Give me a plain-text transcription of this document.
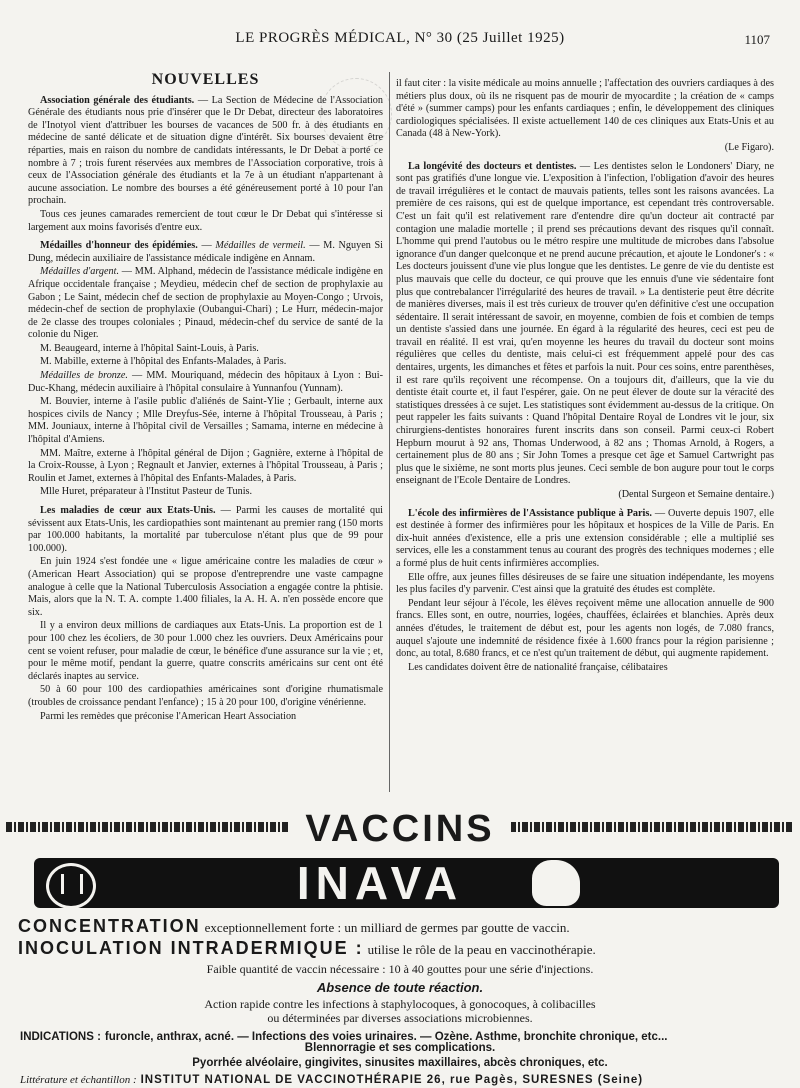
LE PROGRÈS MÉDICAL, N° 30 (25 Juillet 1925)	1107

NOUVELLES

Association générale des étudiants. — La Section de Médecine de l'Association Générale des étudiants nous prie d'insérer que le Dr Debat, directeur des laboratoires de l'Inotyol vient d'attribuer les bourses de vacances de 500 fr. à des étudiants en médecine de santé délicate et de situation digne d'intérêt. Six bourses devaient être réparties, mais en raison du nombre de candidats intéressants, le Dr Debat a porté ce nombre à 7 ; trois furent réservées aux membres de l'Association corporative, trois à ceux de l'Association générale des étudiants et la 7e à un étudiant n'appartenant à aucune association. Le nombre des bourses a été généreusement porté à 10 pour l'an prochain.

Tous ces jeunes camarades remercient de tout cœur le Dr Debat qui s'intéresse si largement aux moins favorisés d'entre eux.

Médailles d'honneur des épidémies. — Médailles de vermeil. — M. Nguyen Si Dung, médecin auxiliaire de l'assistance médicale indigène en Annam.

Médailles d'argent. — MM. Alphand, médecin de l'assistance médicale indigène en Afrique occidentale française ; Meydieu, médecin chef de section de prophylaxie au Gabon ; Le Saint, médecin chef de section de prophylaxie au Moyen-Congo ; Urvois, médecin-chef de section de prophylaxie (Oubangui-Chari) ; Le Hurr, médecin-major de 2e classe des troupes coloniales ; Pinaud, médecin-chef du service de santé de la colonie du Niger.

M. Beaugeard, interne à l'hôpital Saint-Louis, à Paris.

M. Mabille, externe à l'hôpital des Enfants-Malades, à Paris.

Médailles de bronze. — MM. Mouriquand, médecin des hôpitaux à Lyon : Bui-Duc-Khang, médecin auxiliaire à l'hôpital consulaire à Yunnanfou (Yunnam).

M. Bouvier, interne à l'asile public d'aliénés de Saint-Ylie ; Gerbault, interne aux hospices civils de Nancy ; Mlle Dreyfus-Sée, interne à l'hôpital Trousseau, à Paris ; MM. Jouniaux, interne à l'hôpital civil de Versailles ; Samama, interne en médecine à l'hôpital d'Amiens.

MM. Maître, externe à l'hôpital général de Dijon ; Gagnière, externe à l'hôpital de la Croix-Rousse, à Lyon ; Regnault et Janvier, externes à l'hôpital Trousseau, à Paris ; Roulin et Jamet, externes à l'hôpital des Enfants-Malades, à Paris.

Mlle Huret, préparateur à l'Institut Pasteur de Tunis.

Les maladies de cœur aux Etats-Unis. — Parmi les causes de mortalité qui sévissent aux Etats-Unis, les cardiopathies sont maintenant au premier rang (150 morts par 100.000 habitants, la mortalité par tuberculose n'étant plus que de 99 pour 100.000).

En juin 1924 s'est fondée une « ligue américaine contre les maladies de cœur » (American Heart Association) qui se propose d'entreprendre une vaste campagne analogue à celle que la National Tuberculosis Association a engagée contre la phtisie. Mais, alors que la N. T. A. compte 1.400 filiales, la A. H. A. n'en possède encore que six.

Il y a environ deux millions de cardiaques aux Etats-Unis. La proportion est de 1 pour 100 chez les écoliers, de 30 pour 1.000 chez les ouvriers. Deux Américains pour cent se voient refuser, pour maladie de cœur, le bénéfice d'une assurance sur la vie ; et, pour le même motif, pendant la guerre, quatre conscrits américains sur cent ont été déclarés inaptes au service.

50 à 60 pour 100 des cardiopathies américaines sont d'origine rhumatismale (troubles de croissance pendant l'enfance) ; 15 à 20 pour 100, d'origine vénérienne.

Parmi les remèdes que préconise l'American Heart Association

il faut citer : la visite médicale au moins annuelle ; l'affectation des ouvriers cardiaques à des métiers plus doux, où ils ne risquent pas de mourir de myocardite ; la création de « camps d'été » (summer camps) pour les enfants cardiaques ; enfin, le développement des cliniques cardiologiques spécialisées. Il existe actuellement 140 de ces cliniques aux Etats-Unis et au Canada (48 à New-York).

(Le Figaro).

La longévité des docteurs et dentistes. — Les dentistes selon le Londoners' Diary, ne sont pas gratifiés d'une longue vie. L'exposition à l'infection, l'obligation d'avoir des heures de travail irrégulières et le contact de mauvais patients, telles sont les raisons avancées. La première de ces raisons, qui est de quelque importance, est cependant très controversable. C'est un fait qu'il est relativement rare d'entendre dire qu'un docteur ait contracté par contagion une maladie mortelle ; il prend ses précautions devant des risques qu'il connaît. L'homme qui prend l'autobus ou le métro respire une multitude de microbes dans l'absolue ignorance d'un danger quelconque et ne prend aucune précaution, et ajoute le Londoner's : « Les docteurs jouissent d'une vie plus longue que les dentistes. Le genre de vie du dentiste est plus mauvais que celle du docteur, ce qui prouve que les ennuis d'une vie sédentaire font plus que contrebalancer l'irrégularité des heures de travail. » La dentisterie peut être décrite de manières diverses, mais il est très curieux de trouver qu'en définitive c'est une occupation sédentaire. Il serait intéressant de savoir, en moyenne, combien de fois et combien de temps un dentiste s'assied dans une journée. En égard à la régularité des heures, ceci est peu de travail en réalité. Il est vrai, qu'en moyenne les heures du travail du docteur sont moins régulières que celles du dentiste, mais celui-ci est fréquemment appelé pour des cas dentaires, urgents, les dimanches et fêtes et parfois la nuit. Pour ces soins, entre parenthèses, il est rare qu'ils reçoivent une récompense. On a toujours dit, d'ailleurs, que la vie du dentiste était courte et, il faut l'espérer, gaie. On ne peut élever de doute sur la véracité des statistiques dressées à ce sujet. Les statistiques sont évidemment au-dessus de la critique. On peut rappeler les faits suivants : Quand l'hôpital Dentaire Royal de Londres vit le jour, six chirurgiens-dentistes honoraires furent inscrits dans son conseil. Parmi ceux-ci Robert Hepburn mourut à 92 ans, Thomas Underwood, à 82 ans ; Thomas Arnold, à Rogers, a certainement plus de 80 ans ; Sir John Tomes a presque cet âge et Samuel Cartwright pas plus que le sixième, ne sont morts plus jeunes. Ceci semble de bon augure pour tout le corps enseignant de l'Ecole Dentaire de Londres.

(Dental Surgeon et Semaine dentaire.)

L'école des infirmières de l'Assistance publique à Paris. — Ouverte depuis 1907, elle est destinée à former des infirmières pour les hôpitaux et hospices de la Ville de Paris. En dix-huit années d'existence, elle a pris une extension considérable ; elle a multiplié ses services, elle les a constamment tenus au courant des progrès des techniques modernes ; elle a formé plus de huit cents infirmières accomplies.

Elle offre, aux jeunes filles désireuses de se faire une situation indépendante, les moyens les plus faciles d'y parvenir. C'est ainsi que la gratuité des études est complète.

Pendant leur séjour à l'école, les élèves reçoivent même une allocation annuelle de 900 francs. Elles sont, en outre, nourries, logées, chauffées, éclairées et blanchies. Après deux années d'études, le traitement de début est, pour les agents non logés, de 7.080 francs, auquel s'ajoute une indemnité de résidence fixée à 1.600 francs pour la région parisienne ; donc, au total, 8.680 francs, et ce n'est qu'un traitement de début, qui augmente rapidement.

Les candidates doivent être de nationalité française, célibataires

VACCINS
INAVA
CONCENTRATION exceptionnellement forte : un milliard de germes par goutte de vaccin.
INOCULATION INTRADERMIQUE : utilise le rôle de la peau en vaccinothérapie.
Faible quantité de vaccin nécessaire : 10 à 40 gouttes pour une série d'injections.
Absence de toute réaction.
Action rapide contre les infections à staphylocoques, à gonocoques, à colibacilles
ou déterminées par diverses associations microbiennes.
INDICATIONS : furoncle, anthrax, acné. — Infections des voies urinaires. — Ozène. Asthme, bronchite chronique, etc...
Blennorragie et ses complications.
Pyorrhée alvéolaire, gingivites, sinusites maxillaires, abcès chroniques, etc.
Littérature et échantillon : INSTITUT NATIONAL DE VACCINOTHÉRAPIE 26, rue Pagès, SURESNES (Seine)
